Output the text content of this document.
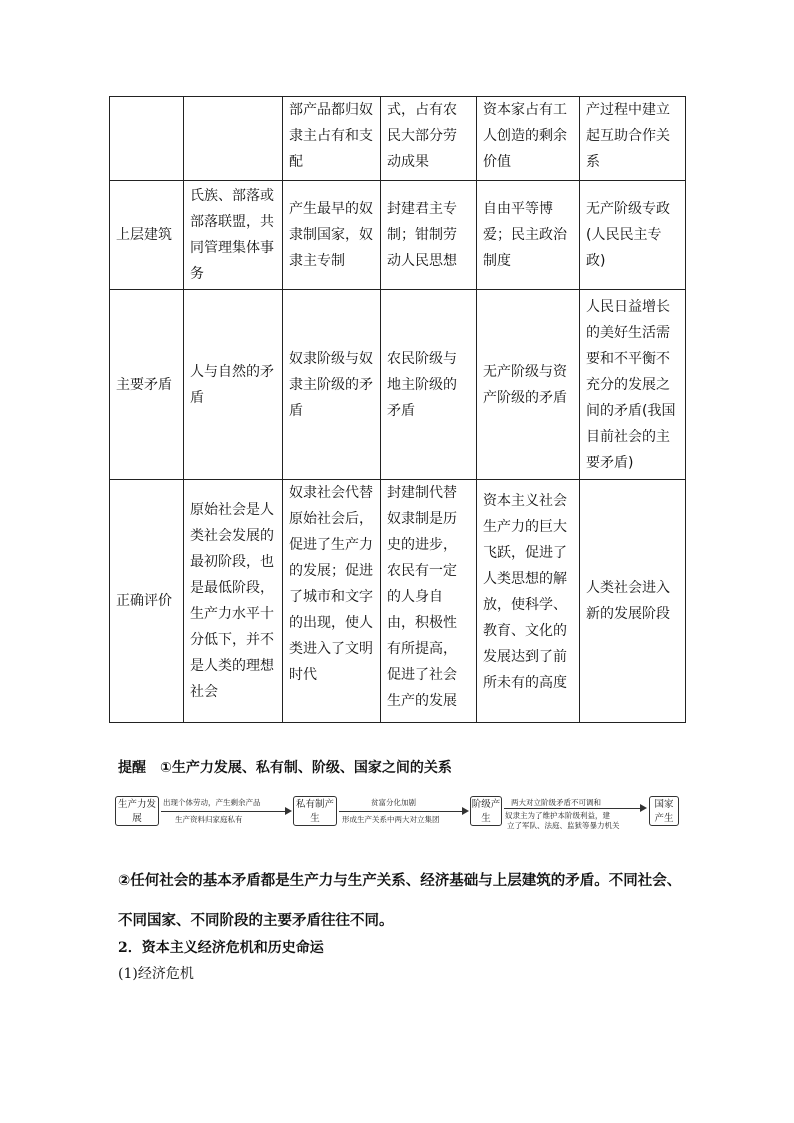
		部产品都归奴隶主占有和支配	式，占有农民大部分劳动成果	资本家占有工人创造的剩余价值	产过程中建立起互助合作关系
上层建筑	氏族、部落或部落联盟，共同管理集体事务	产生最早的奴隶制国家，奴隶主专制	封建君主专制；钳制劳动人民思想	自由平等博爱；民主政治制度	无产阶级专政(人民民主专政)
主要矛盾	人与自然的矛盾	奴隶阶级与奴隶主阶级的矛盾	农民阶级与地主阶级的矛盾	无产阶级与资产阶级的矛盾	人民日益增长的美好生活需要和不平衡不充分的发展之间的矛盾(我国目前社会的主要矛盾)
正确评价	原始社会是人类社会发展的最初阶段，也是最低阶段，生产力水平十分低下，并不是人类的理想社会	奴隶社会代替原始社会后，促进了生产力的发展；促进了城市和文字的出现，使人类进入了文明时代	封建制代替奴隶制是历史的进步，农民有一定的人身自由，积极性有所提高，促进了社会生产的发展	资本主义社会生产力的巨大飞跃，促进了人类思想的解放，使科学、教育、文化的发展达到了前所未有的高度	人类社会进入新的发展阶段
提醒 ①生产力发展、私有制、阶级、国家之间的关系
生产力发展
出现个体劳动，产生剩余产品
生产资料归家庭私有
私有制产生
贫富分化加剧
形成生产关系中两大对立集团
阶级产生
两大对立阶级矛盾不可调和
奴隶主为了维护本阶级利益，建
立了军队、法庭、监狱等暴力机关
国家产生
②任何社会的基本矛盾都是生产力与生产关系、经济基础与上层建筑的矛盾。不同社会、不同国家、不同阶段的主要矛盾往往不同。
2．资本主义经济危机和历史命运
(1)经济危机
